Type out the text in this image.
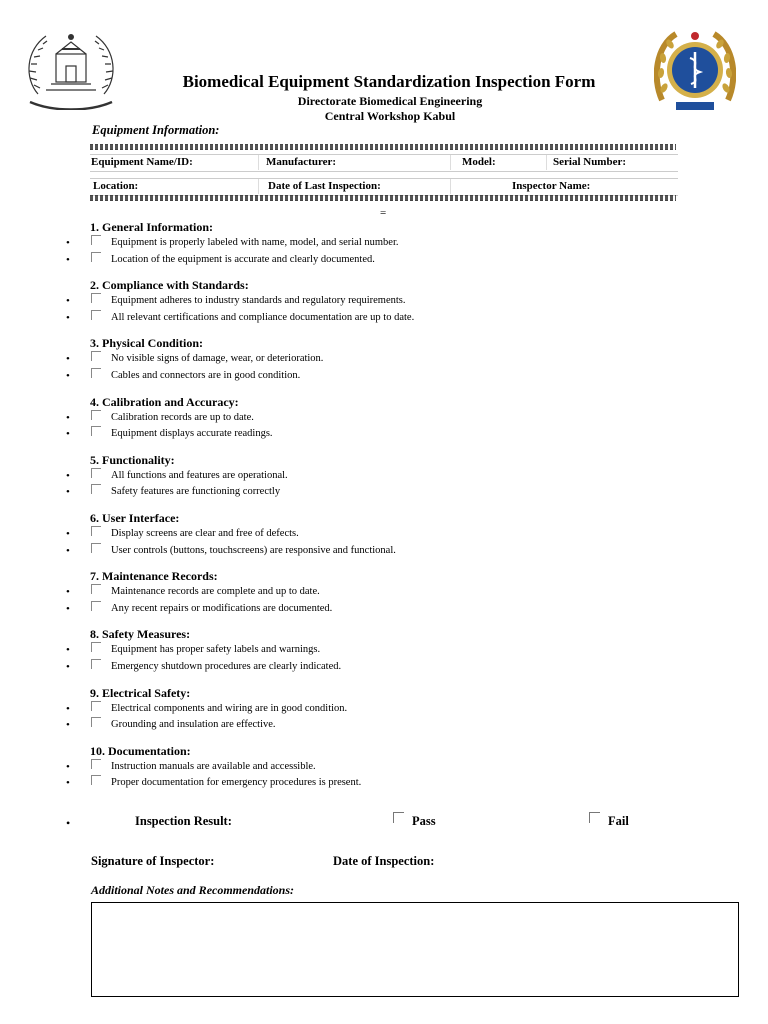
Biomedical Equipment Standardization Inspection Form
Directorate Biomedical Engineering
Central Workshop Kabul
Equipment Information:
Equipment Name/ID:	Manufacturer:	Model:	Serial Number:
Location:	Date of Last Inspection:	Inspector Name:
=
1. General Information:
•	Equipment is properly labeled with name, model, and serial number.
•	Location of the equipment is accurate and clearly documented.
2. Compliance with Standards:
•	Equipment adheres to industry standards and regulatory requirements.
•	All relevant certifications and compliance documentation are up to date.
3. Physical Condition:
•	No visible signs of damage, wear, or deterioration.
•	Cables and connectors are in good condition.
4. Calibration and Accuracy:
•	Calibration records are up to date.
•	Equipment displays accurate readings.
5. Functionality:
•	All functions and features are operational.
•	Safety features are functioning correctly
6. User Interface:
•	Display screens are clear and free of defects.
•	User controls (buttons, touchscreens) are responsive and functional.
7. Maintenance Records:
•	Maintenance records are complete and up to date.
•	Any recent repairs or modifications are documented.
8. Safety Measures:
•	Equipment has proper safety labels and warnings.
•	Emergency shutdown procedures are clearly indicated.
9. Electrical Safety:
•	Electrical components and wiring are in good condition.
•	Grounding and insulation are effective.
10. Documentation:
•	Instruction manuals are available and accessible.
•	Proper documentation for emergency procedures is present.
•	Inspection Result:	Pass	Fail
Signature of Inspector:	Date of Inspection:
Additional Notes and Recommendations:
